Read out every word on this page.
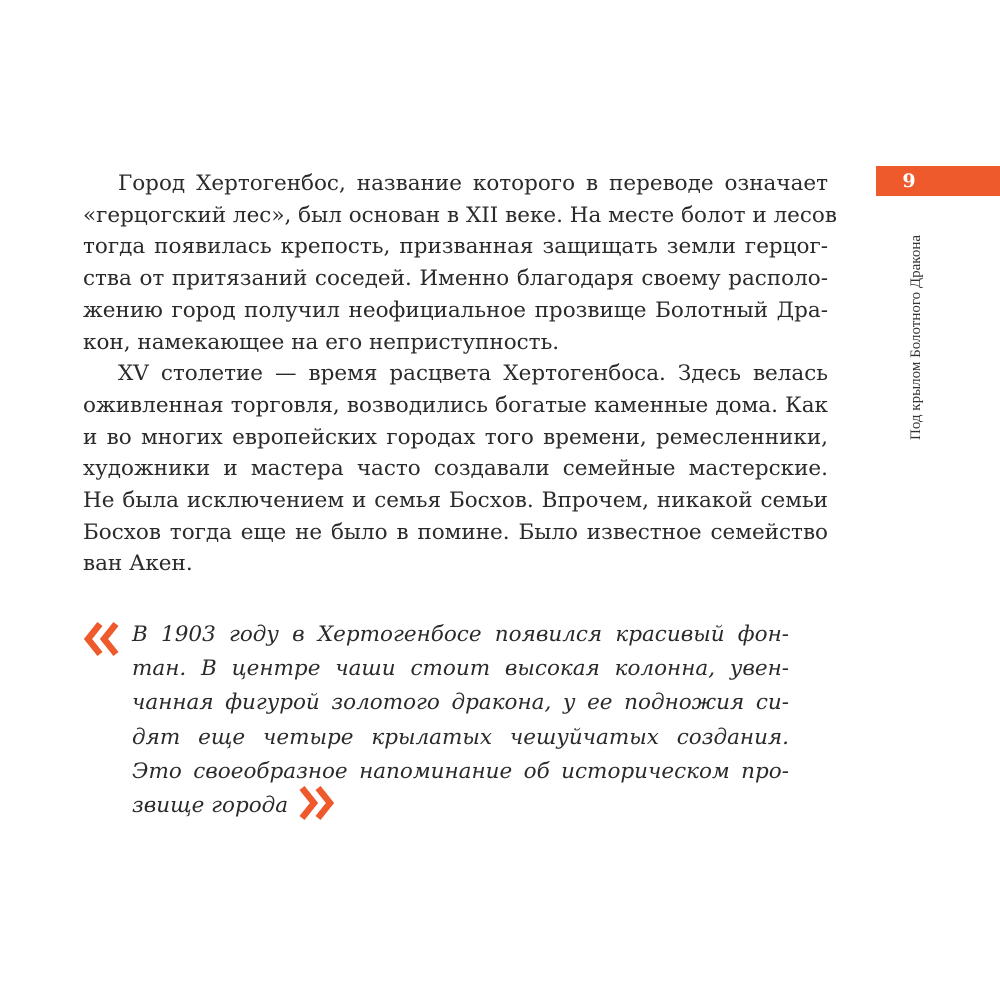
Город Хертогенбос, название которого в переводе означает
«герцогский лес», был основан в XII веке. На месте болот и лесов
тогда появилась крепость, призванная защищать земли герцог-
ства от притязаний соседей. Именно благодаря своему располо-
жению город получил неофициальное прозвище Болотный Дра-
кон, намекающее на его неприступность.

XV столетие — время расцвета Хертогенбоса. Здесь велась
оживленная торговля, возводились богатые каменные дома. Как
и во многих европейских городах того времени, ремесленники,
художники и мастера часто создавали семейные мастерские.
Не была исключением и семья Босхов. Впрочем, никакой семьи
Босхов тогда еще не было в помине. Было известное семейство
ван Акен.

В 1903 году в Хертогенбосе появился красивый фон-
тан. В центре чаши стоит высокая колонна, увен-
чанная фигурой золотого дракона, у ее подножия си-
дят еще четыре крылатых чешуйчатых создания.
Это своеобразное напоминание об историческом про-
звище города
9
Под крылом Болотного Дракона
